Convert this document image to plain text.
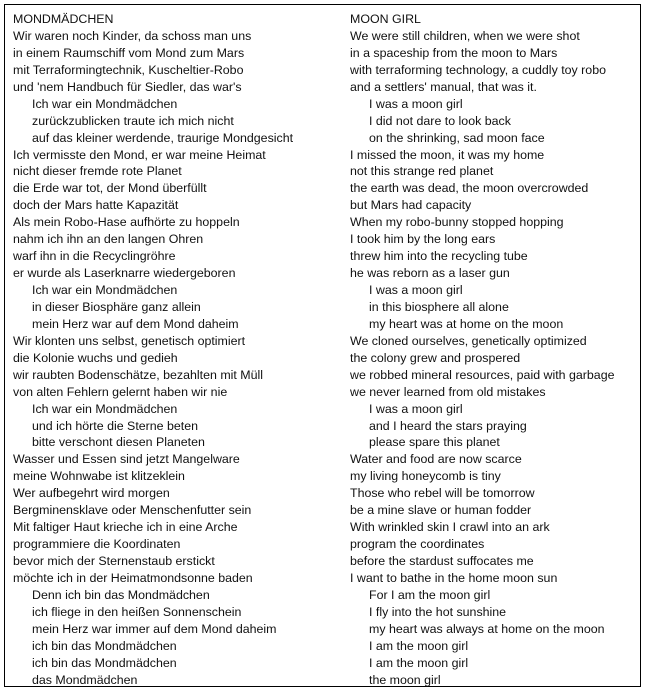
MONDMÄDCHEN
Wir waren noch Kinder, da schoss man uns
in einem Raumschiff vom Mond zum Mars
mit Terraformingtechnik, Kuscheltier-Robo
und 'nem Handbuch für Siedler, das war's
Ich war ein Mondmädchen
zurückzublicken traute ich mich nicht
auf das kleiner werdende, traurige Mondgesicht
Ich vermisste den Mond, er war meine Heimat
nicht dieser fremde rote Planet
die Erde war tot, der Mond überfüllt
doch der Mars hatte Kapazität
Als mein Robo-Hase aufhörte zu hoppeln
nahm ich ihn an den langen Ohren
warf ihn in die Recyclingröhre
er wurde als Laserknarre wiedergeboren
Ich war ein Mondmädchen
in dieser Biosphäre ganz allein
mein Herz war auf dem Mond daheim
Wir klonten uns selbst, genetisch optimiert
die Kolonie wuchs und gedieh
wir raubten Bodenschätze, bezahlten mit Müll
von alten Fehlern gelernt haben wir nie
Ich war ein Mondmädchen
und ich hörte die Sterne beten
bitte verschont diesen Planeten
Wasser und Essen sind jetzt Mangelware
meine Wohnwabe ist klitzeklein
Wer aufbegehrt wird morgen
Bergminensklave oder Menschenfutter sein
Mit faltiger Haut krieche ich in eine Arche
programmiere die Koordinaten
bevor mich der Sternenstaub erstickt
möchte ich in der Heimatmondsonne baden
Denn ich bin das Mondmädchen
ich fliege in den heißen Sonnenschein
mein Herz war immer auf dem Mond daheim
ich bin das Mondmädchen
ich bin das Mondmädchen
das Mondmädchen
MOON GIRL
We were still children, when we were shot
in a spaceship from the moon to Mars
with terraforming technology, a cuddly toy robo
and a settlers' manual, that was it.
I was a moon girl
I did not dare to look back
on the shrinking, sad moon face
I missed the moon, it was my home
not this strange red planet
the earth was dead, the moon overcrowded
but Mars had capacity
When my robo-bunny stopped hopping
I took him by the long ears
threw him into the recycling tube
he was reborn as a laser gun
I was a moon girl
in this biosphere all alone
my heart was at home on the moon
We cloned ourselves, genetically optimized
the colony grew and prospered
we robbed mineral resources, paid with garbage
we never learned from old mistakes
I was a moon girl
and I heard the stars praying
please spare this planet
Water and food are now scarce
my living honeycomb is tiny
Those who rebel will be tomorrow
be a mine slave or human fodder
With wrinkled skin I crawl into an ark
program the coordinates
before the stardust suffocates me
I want to bathe in the home moon sun
For I am the moon girl
I fly into the hot sunshine
my heart was always at home on the moon
I am the moon girl
I am the moon girl
the moon girl
